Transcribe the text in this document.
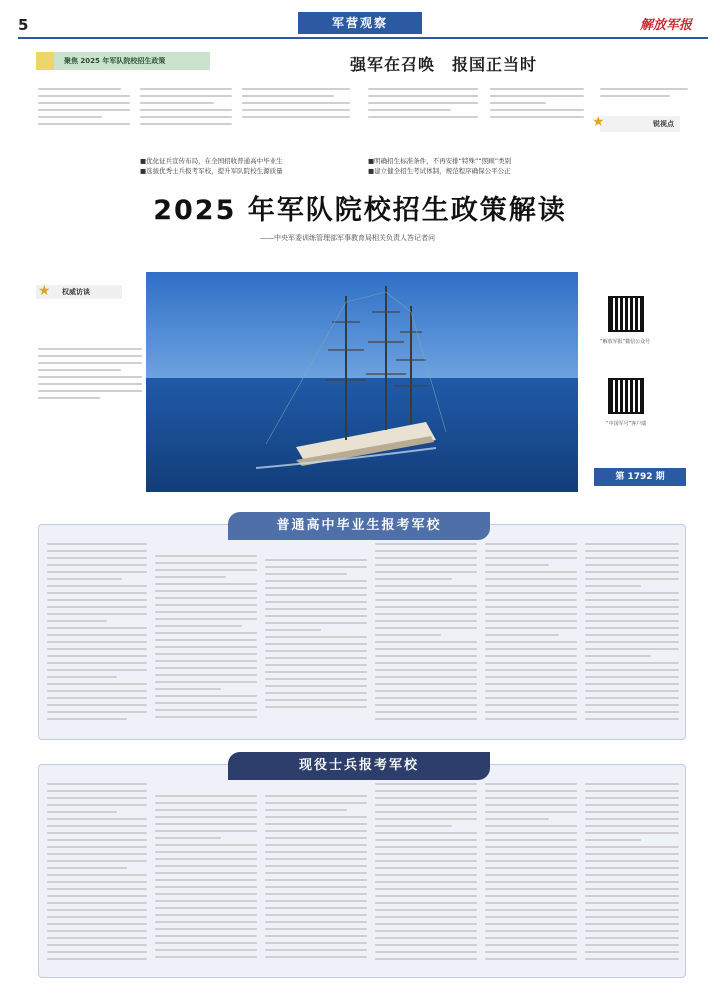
5	军营观察	解放军报
聚焦 2025 年军队院校招生政策	强军在召唤　报国正当时
锐视点
★
■优化征兵宣传布局，在全国招收普通高中毕业生
■选拔优秀士兵报考军校，提升军队院校生源质量
■明确招生标准条件，不再安排“特殊”“照顾”类别
■建立健全招生考试体制，规范程序确保公平公正
2025 年军队院校招生政策解读
——中央军委训练管理部军事教育局相关负责人答记者问
权威访谈
★
“解放军报”微信公众号
“中国军号”客户端
第 1792 期
普通高中毕业生报考军校
现役士兵报考军校
